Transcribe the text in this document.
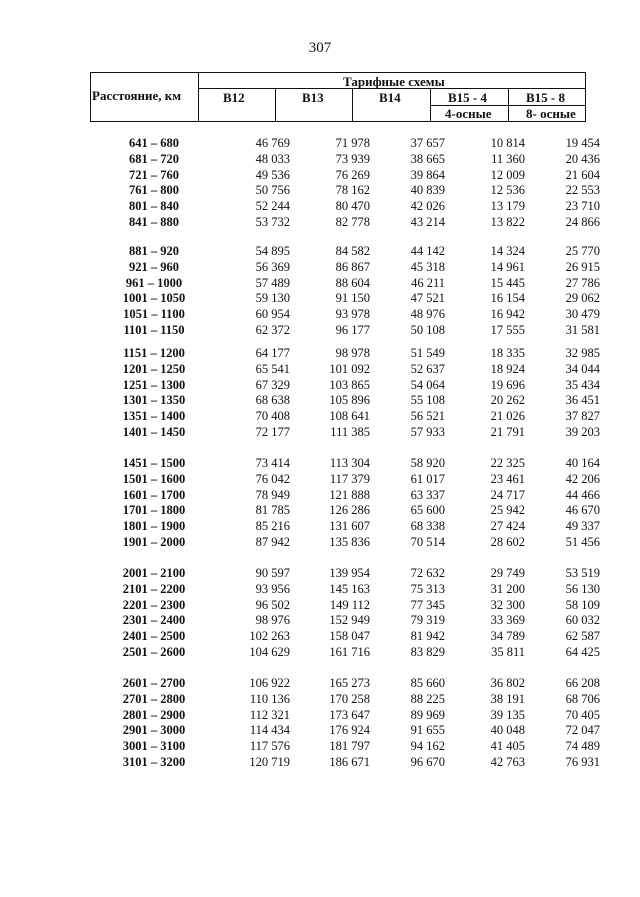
307
Расстояние, км
Тарифные схемы
В12	В13	В14	В15 - 4	В15 - 8
4-осные	8- осные
641 – 680	46 769	71 978	37 657	10 814	19 454
681 – 720	48 033	73 939	38 665	11 360	20 436
721 – 760	49 536	76 269	39 864	12 009	21 604
761 – 800	50 756	78 162	40 839	12 536	22 553
801 – 840	52 244	80 470	42 026	13 179	23 710
841 – 880	53 732	82 778	43 214	13 822	24 866
881 – 920	54 895	84 582	44 142	14 324	25 770
921 – 960	56 369	86 867	45 318	14 961	26 915
961 – 1000	57 489	88 604	46 211	15 445	27 786
1001 – 1050	59 130	91 150	47 521	16 154	29 062
1051 – 1100	60 954	93 978	48 976	16 942	30 479
1101 – 1150	62 372	96 177	50 108	17 555	31 581
1151 – 1200	64 177	98 978	51 549	18 335	32 985
1201 – 1250	65 541	101 092	52 637	18 924	34 044
1251 – 1300	67 329	103 865	54 064	19 696	35 434
1301 – 1350	68 638	105 896	55 108	20 262	36 451
1351 – 1400	70 408	108 641	56 521	21 026	37 827
1401 – 1450	72 177	111 385	57 933	21 791	39 203
1451 – 1500	73 414	113 304	58 920	22 325	40 164
1501 – 1600	76 042	117 379	61 017	23 461	42 206
1601 – 1700	78 949	121 888	63 337	24 717	44 466
1701 – 1800	81 785	126 286	65 600	25 942	46 670
1801 – 1900	85 216	131 607	68 338	27 424	49 337
1901 – 2000	87 942	135 836	70 514	28 602	51 456
2001 – 2100	90 597	139 954	72 632	29 749	53 519
2101 – 2200	93 956	145 163	75 313	31 200	56 130
2201 – 2300	96 502	149 112	77 345	32 300	58 109
2301 – 2400	98 976	152 949	79 319	33 369	60 032
2401 – 2500	102 263	158 047	81 942	34 789	62 587
2501 – 2600	104 629	161 716	83 829	35 811	64 425
2601 – 2700	106 922	165 273	85 660	36 802	66 208
2701 – 2800	110 136	170 258	88 225	38 191	68 706
2801 – 2900	112 321	173 647	89 969	39 135	70 405
2901 – 3000	114 434	176 924	91 655	40 048	72 047
3001 – 3100	117 576	181 797	94 162	41 405	74 489
3101 – 3200	120 719	186 671	96 670	42 763	76 931
